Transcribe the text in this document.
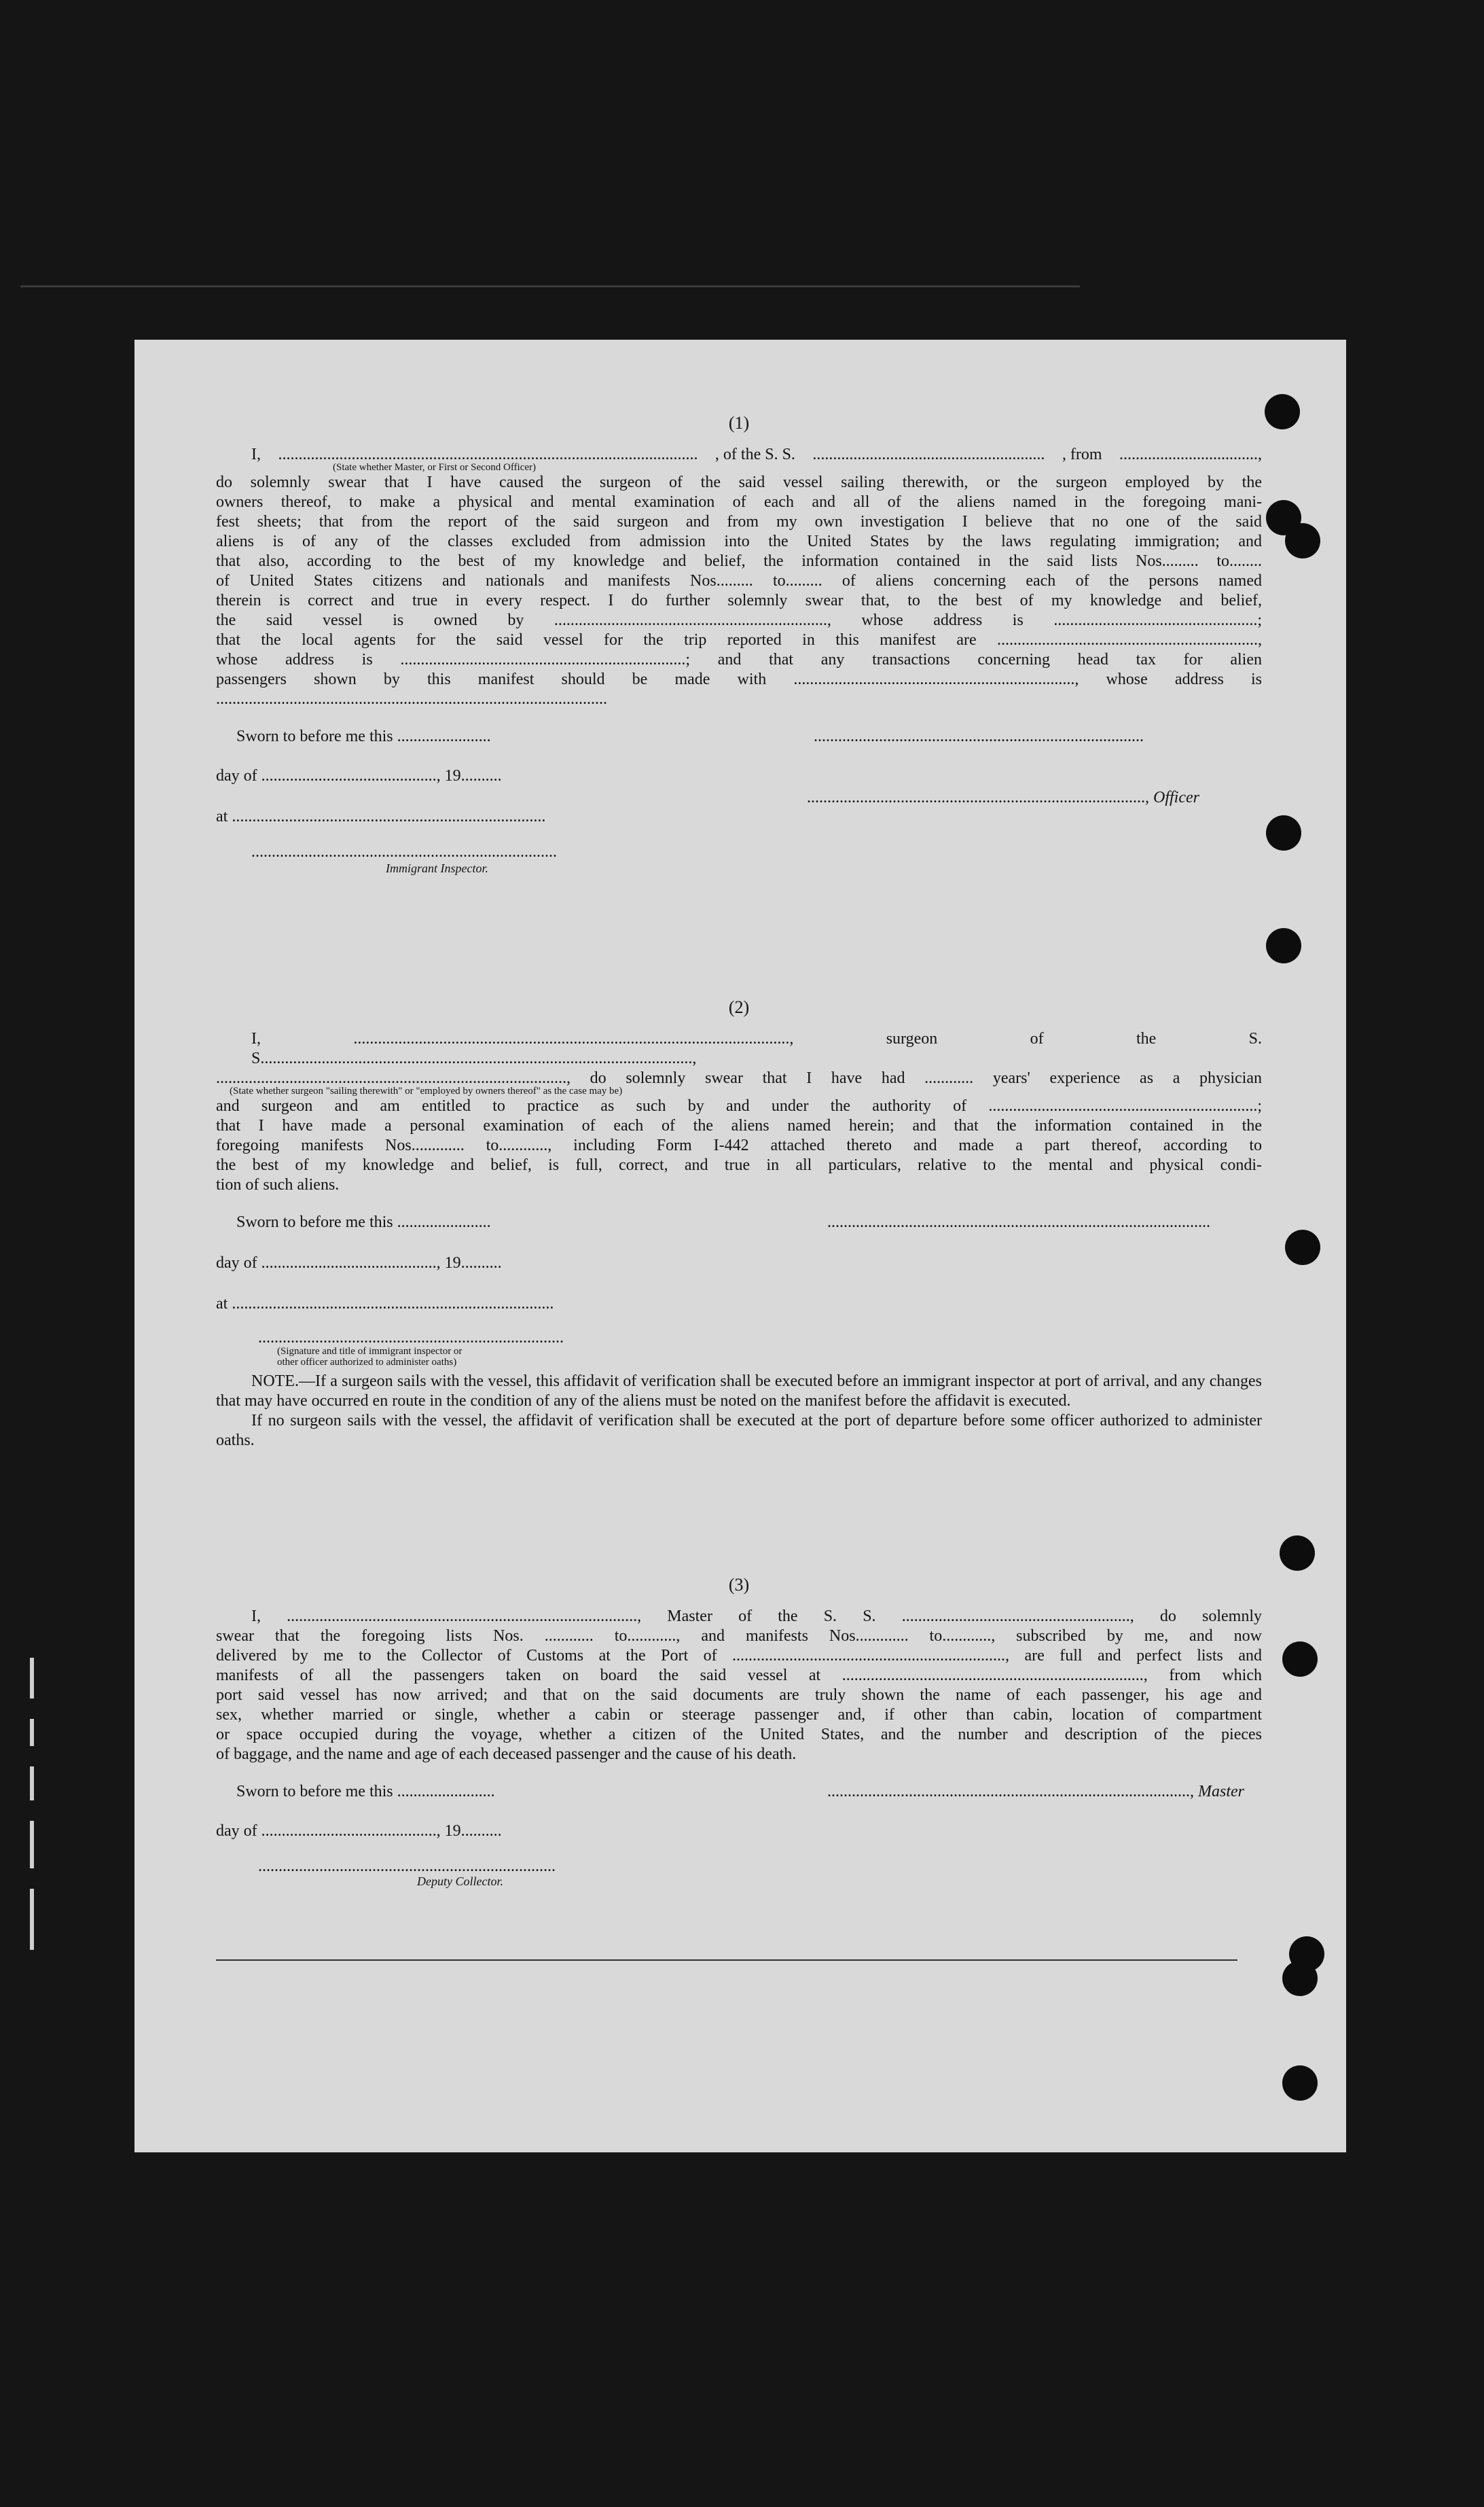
(1)
I, ....................................................................................................... , of the S. S. ......................................................... , from ..................................,
(State whether Master, or First or Second Officer)
do solemnly swear that I have caused the surgeon of the said vessel sailing therewith, or the surgeon employed by the
owners thereof, to make a physical and mental examination of each and all of the aliens named in the foregoing mani-
fest sheets; that from the report of the said surgeon and from my own investigation I believe that no one of the said
aliens is of any of the classes excluded from admission into the United States by the laws regulating immigration; and
that also, according to the best of my knowledge and belief, the information contained in the said lists Nos......... to........
of United States citizens and nationals and manifests Nos......... to......... of aliens concerning each of the persons named
therein is correct and true in every respect. I do further solemnly swear that, to the best of my knowledge and belief,
the said vessel is owned by ..................................................................., whose address is ..................................................;
that the local agents for the said vessel for the trip reported in this manifest are ................................................................,
whose address is ......................................................................; and that any transactions concerning head tax for alien
passengers shown by this manifest should be made with ....................................................................., whose address is
................................................................................................
Sworn to before me this .......................	.................................................................................
day of ..........................................., 19..........
..................................................................................., Officer
at .............................................................................
...........................................................................
Immigrant Inspector.
(2)
I, ..........................................................................................................., surgeon of the S. S..........................................................................................................,
......................................................................................, do solemnly swear that I have had ............ years' experience as a physician
(State whether surgeon "sailing therewith" or "employed by owners thereof" as the case may be)
and surgeon and am entitled to practice as such by and under the authority of ..................................................................;
that I have made a personal examination of each of the aliens named herein; and that the information contained in the
foregoing manifests Nos............. to............, including Form I-442 attached thereto and made a part thereof, according to
the best of my knowledge and belief, is full, correct, and true in all particulars, relative to the mental and physical condi-
tion of such aliens.
Sworn to before me this .......................	..............................................................................................
day of ..........................................., 19..........
at ...............................................................................
...........................................................................
(Signature and title of immigrant inspector or
other officer authorized to administer oaths)
NOTE.—If a surgeon sails with the vessel, this affidavit of verification shall be executed before an immigrant inspector at port of arrival, and any changes that may have occurred en route in the condition of any of the aliens must be noted on the manifest before the affidavit is executed.
If no surgeon sails with the vessel, the affidavit of verification shall be executed at the port of departure before some officer authorized to administer oaths.
(3)
I, ......................................................................................, Master of the S. S. ........................................................, do solemnly
swear that the foregoing lists Nos. ............ to............, and manifests Nos............. to............, subscribed by me, and now
delivered by me to the Collector of Customs at the Port of ..................................................................., are full and perfect lists and
manifests of all the passengers taken on board the said vessel at .........................................................................., from which
port said vessel has now arrived; and that on the said documents are truly shown the name of each passenger, his age and
sex, whether married or single, whether a cabin or steerage passenger and, if other than cabin, location of compartment
or space occupied during the voyage, whether a citizen of the United States, and the number and description of the pieces
of baggage, and the name and age of each deceased passenger and the cause of his death.
Sworn to before me this ........................	........................................................................................., Master
day of ..........................................., 19..........
.........................................................................
Deputy Collector.
